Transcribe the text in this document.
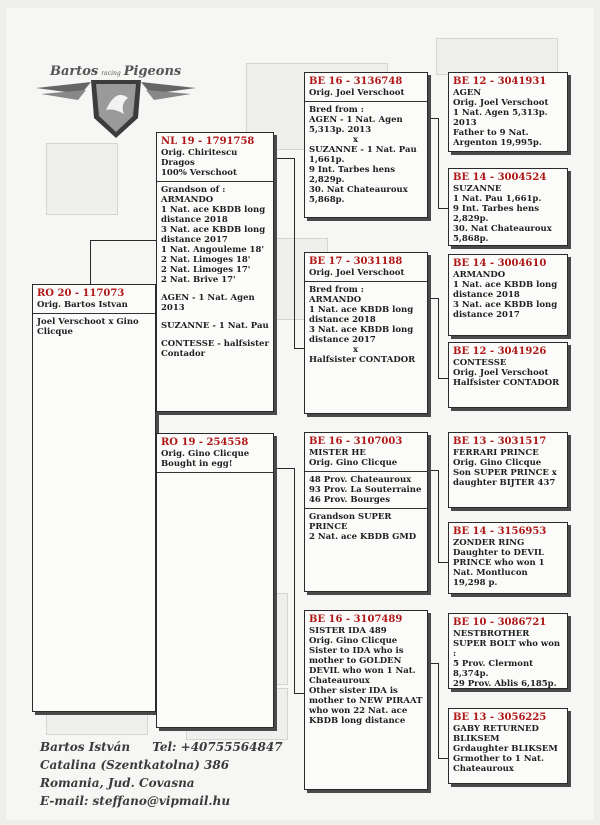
Bartos racing Pigeons
RO 20 - 117073

Orig. Bartos Istvan

Joel Verschoot x Gino Clicque

NL 19 - 1791758

Orig. Chiritescu Dragos

100% Verschoot

Grandson of :

ARMANDO

1 Nat. ace KBDB long distance 2018

3 Nat. ace KBDB long distance 2017

1 Nat. Angouleme 18'

2 Nat. Limoges 18'

2 Nat. Limoges 17'

2 Nat. Brive 17'

AGEN - 1 Nat. Agen 2013

SUZANNE - 1 Nat. Pau

CONTESSE - halfsister Contador

RO 19 - 254558

Orig. Gino Clicque

Bought in egg!

BE 16 - 3136748

Orig. Joel Verschoot

Bred from :

AGEN - 1 Nat. Agen 5,313p. 2013

x

SUZANNE - 1 Nat. Pau 1,661p.

9 Int. Tarbes hens 2,829p.

30. Nat Chateauroux 5,868p.

BE 17 - 3031188

Orig. Joel Verschoot

Bred from :

ARMANDO

1 Nat. ace KBDB long distance 2018

3 Nat. ace KBDB long distance 2017

x

Halfsister CONTADOR

BE 16 - 3107003

MISTER HE

Orig. Gino Clicque

48 Prov. Chateauroux

93 Prov. La Souterraine

46 Prov. Bourges

Grandson SUPER PRINCE

2 Nat. ace KBDB GMD

BE 16 - 3107489

SISTER IDA 489

Orig. Gino Clicque

Sister to IDA who is mother to GOLDEN DEVIL who won 1 Nat. Chateauroux

Other sister IDA is mother to NEW PIRAAT who won 22 Nat. ace KBDB long distance

BE 12 - 3041931

AGEN

Orig. Joel Verschoot

1 Nat. Agen 5,313p. 2013

Father to 9 Nat. Argenton 19,995p.

BE 14 - 3004524

SUZANNE

1 Nat. Pau 1,661p.

9 Int. Tarbes hens 2,829p.

30. Nat Chateauroux 5,868p.

BE 14 - 3004610

ARMANDO

1 Nat. ace KBDB long distance 2018

3 Nat. ace KBDB long distance 2017

BE 12 - 3041926

CONTESSE

Orig. Joel Verschoot

Halfsister CONTADOR

BE 13 - 3031517

FERRARI PRINCE

Orig. Gino Clicque

Son SUPER PRINCE x daughter BIJTER 437

BE 14 - 3156953

ZONDER RING

Daughter to DEVIL PRINCE who won 1 Nat. Montlucon 19,298 p.

BE 10 - 3086721

NESTBROTHER SUPER BOLT who won :

5 Prov. Clermont 8,374p.

29 Prov. Ablis 6,185p.

BE 13 - 3056225

GABY RETURNED BLIKSEM

Grdaughter BLIKSEM

Grmother to 1 Nat. Chateauroux

Bartos István Tel: +40755564847
Catalina (Szentkatolna) 386
Romania, Jud. Covasna
E-mail: steffano@vipmail.hu
